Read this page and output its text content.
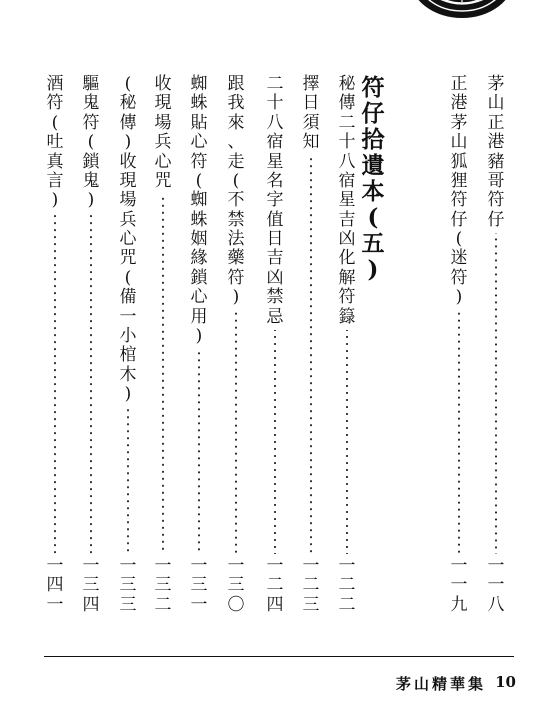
茅
山
正
港
豬
哥
符
仔
一
一
八
正
港
茅
山
狐
狸
符
仔
(
迷
符
)
一
一
九
秘
傳
二
十
八
宿
星
吉
凶
化
解
符
籙
一
二
二
擇
日
須
知
一
二
三
二
十
八
宿
星
名
字
值
日
吉
凶
禁
忌
一
二
四
跟
我
來
、
走
(
不
禁
法
藥
符
)
一
三
〇
蜘
蛛
貼
心
符
(
蜘
蛛
姻
緣
鎖
心
用
)
一
三
一
收
現
場
兵
心
咒
一
三
二
(
秘
傳
)
收
現
場
兵
心
咒
(
備
一
小
棺
木
)
一
三
三
驅
鬼
符
(
鎖
鬼
)
一
三
四
酒
符
(
吐
真
言
)
一
四
一
符
仔
拾
遺
本
(
五
)
茅山精華集 10
